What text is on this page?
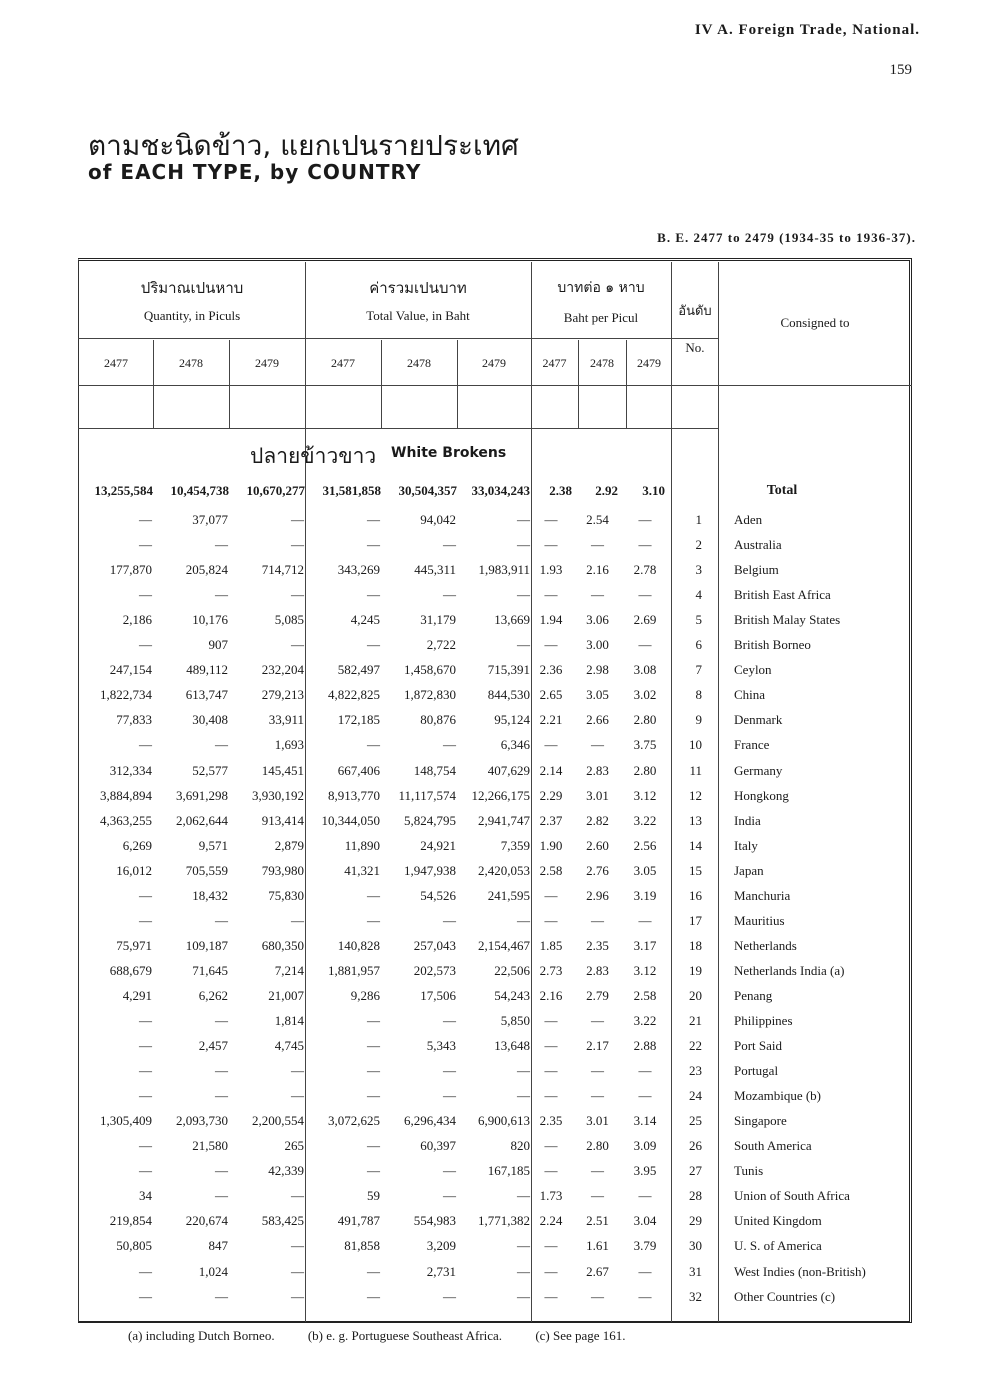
IV A. Foreign Trade, National.
159
ตามชะนิดข้าว, แยกเปนรายประเทศ
of EACH TYPE, by COUNTRY
B. E. 2477 to 2479 (1934-35 to 1936-37).
ปริมาณเปนหาบ
Quantity, in Piculs
ค่ารวมเปนบาท
Total Value, in Baht
บาทต่อ ๑ หาบ
Baht per Picul	อันดับ
No.
Consigned to
2477	2478	2479	2477	2478	2479	2477	2478	2479
ปลายข้าวขาว White Brokens
13,255,584	10,454,738	10,670,277	31,581,858	30,504,357	33,034,243	2.38	2.92	3.10	Total
—	37,077	—	—	94,042	—	—	2.54	—	1 Aden
—	—	—	—	—	—	—	—	—	2 Australia
177,870	205,824	714,712	343,269	445,311	1,983,911 1.93	2.16	2.78	3 Belgium
—	—	—	—	—	—	—	—	—	4 British East Africa
2,186	10,176	5,085	4,245	31,179	13,669 1.94	3.06	2.69	5 British Malay States
—	907	—	—	2,722	—	—	3.00	—	6 British Borneo
247,154	489,112	232,204	582,497	1,458,670	715,391 2.36	2.98	3.08	7 Ceylon
1,822,734	613,747	279,213	4,822,825	1,872,830	844,530 2.65	3.05	3.02	8 China
77,833	30,408	33,911	172,185	80,876	95,124 2.21	2.66	2.80	9 Denmark
—	—	1,693	—	—	6,346	—	—	3.75	10 France
312,334	52,577	145,451	667,406	148,754	407,629 2.14	2.83	2.80	11 Germany
3,884,894	3,691,298	3,930,192	8,913,770	11,117,574	12,266,175 2.29	3.01	3.12	12 Hongkong
4,363,255	2,062,644	913,414	10,344,050	5,824,795	2,941,747 2.37	2.82	3.22	13 India
6,269	9,571	2,879	11,890	24,921	7,359 1.90	2.60	2.56	14 Italy
16,012	705,559	793,980	41,321	1,947,938	2,420,053 2.58	2.76	3.05	15 Japan
—	18,432	75,830	—	54,526	241,595	—	2.96	3.19	16 Manchuria
—	—	—	—	—	—	—	—	—	17 Mauritius
75,971	109,187	680,350	140,828	257,043	2,154,467 1.85	2.35	3.17	18 Netherlands
688,679	71,645	7,214	1,881,957	202,573	22,506 2.73	2.83	3.12	19 Netherlands India (a)
4,291	6,262	21,007	9,286	17,506	54,243 2.16	2.79	2.58	20 Penang
—	—	1,814	—	—	5,850	—	—	3.22	21 Philippines
—	2,457	4,745	—	5,343	13,648	—	2.17	2.88	22 Port Said
—	—	—	—	—	—	—	—	—	23 Portugal
—	—	—	—	—	—	—	—	—	24 Mozambique (b)
1,305,409	2,093,730	2,200,554	3,072,625	6,296,434	6,900,613 2.35	3.01	3.14	25 Singapore
—	21,580	265	—	60,397	820	—	2.80	3.09	26 South America
—	—	42,339	—	—	167,185	—	—	3.95	27 Tunis
34	—	—	59	—	— 1.73	—	—	28 Union of South Africa
219,854	220,674	583,425	491,787	554,983	1,771,382 2.24	2.51	3.04	29 United Kingdom
50,805	847	—	81,858	3,209	—	—	1.61	3.79	30 U. S. of America
—	1,024	—	—	2,731	—	—	2.67	—	31 West Indies (non-British)
—	—	—	—	—	—	—	—	—	32 Other Countries (c)
(a) including Dutch Borneo.	(b) e. g. Portuguese Southeast Africa.	(c) See page 161.
